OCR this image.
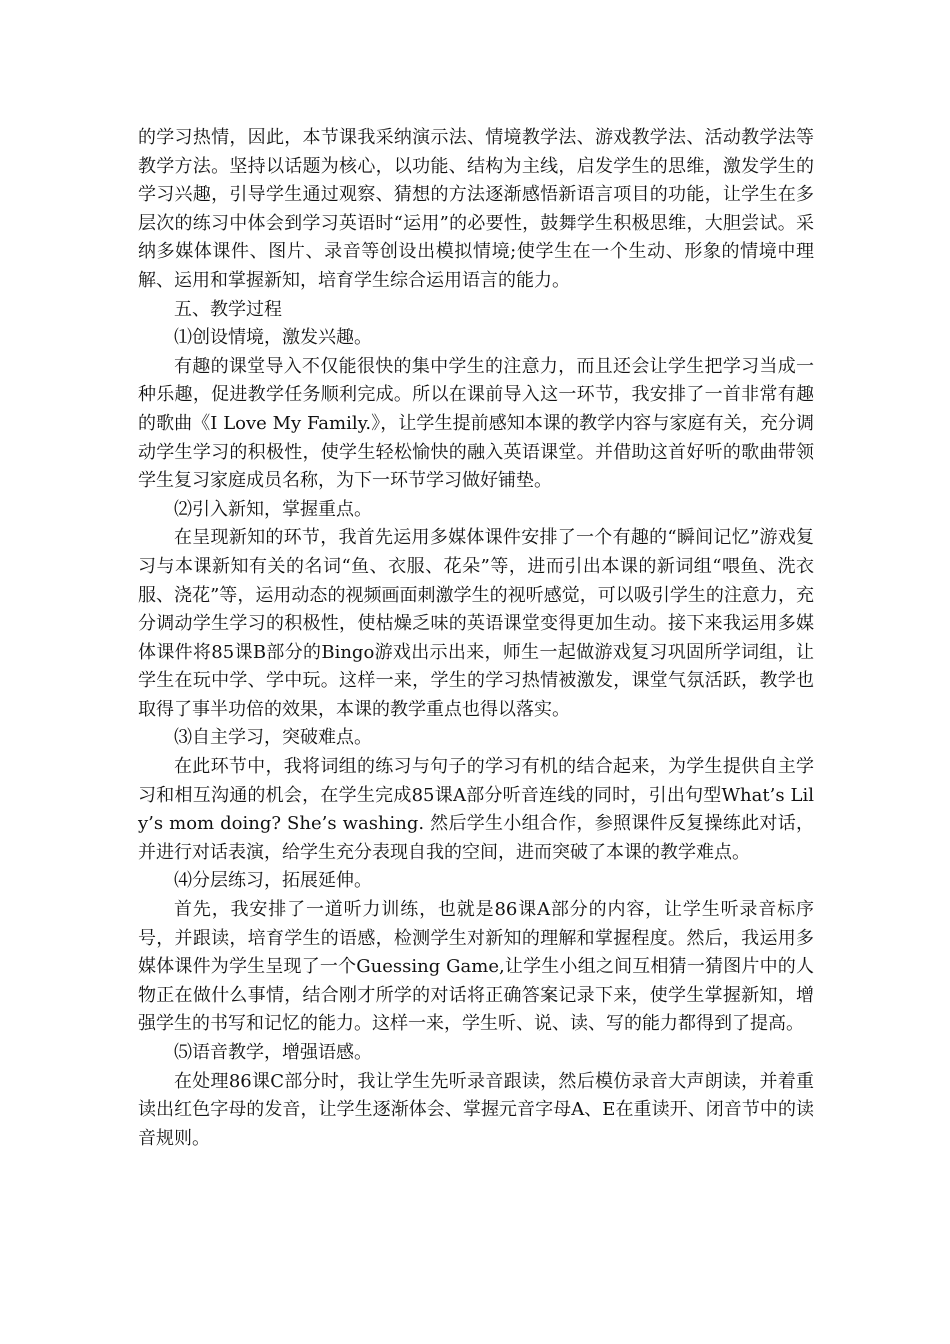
的学习热情，因此，本节课我采纳演示法、情境教学法、游戏教学法、活动教学法等教学方法。坚持以话题为核心，以功能、结构为主线，启发学生的思维，激发学生的学习兴趣，引导学生通过观察、猜想的方法逐渐感悟新语言项目的功能，让学生在多层次的练习中体会到学习英语时“运用”的必要性，鼓舞学生积极思维，大胆尝试。采纳多媒体课件、图片、录音等创设出模拟情境;使学生在一个生动、形象的情境中理解、运用和掌握新知，培育学生综合运用语言的能力。

五、教学过程

⑴创设情境，激发兴趣。

有趣的课堂导入不仅能很快的集中学生的注意力，而且还会让学生把学习当成一种乐趣，促进教学任务顺利完成。所以在课前导入这一环节，我安排了一首非常有趣的歌曲《I Love My Family.》，让学生提前感知本课的教学内容与家庭有关，充分调动学生学习的积极性，使学生轻松愉快的融入英语课堂。并借助这首好听的歌曲带领学生复习家庭成员名称，为下一环节学习做好铺垫。

⑵引入新知，掌握重点。

在呈现新知的环节，我首先运用多媒体课件安排了一个有趣的“瞬间记忆”游戏复习与本课新知有关的名词“鱼、衣服、花朵”等，进而引出本课的新词组“喂鱼、洗衣服、浇花”等，运用动态的视频画面刺激学生的视听感觉，可以吸引学生的注意力，充分调动学生学习的积极性，使枯燥乏味的英语课堂变得更加生动。接下来我运用多媒体课件将85课B部分的Bingo游戏出示出来，师生一起做游戏复习巩固所学词组，让学生在玩中学、学中玩。这样一来，学生的学习热情被激发，课堂气氛活跃，教学也取得了事半功倍的效果，本课的教学重点也得以落实。

⑶自主学习，突破难点。

在此环节中，我将词组的练习与句子的学习有机的结合起来，为学生提供自主学习和相互沟通的机会，在学生完成85课A部分听音连线的同时，引出句型What’s Lily’s mom doing? She’s washing. 然后学生小组合作，参照课件反复操练此对话，并进行对话表演，给学生充分表现自我的空间，进而突破了本课的教学难点。

⑷分层练习，拓展延伸。

首先，我安排了一道听力训练，也就是86课A部分的内容，让学生听录音标序号，并跟读，培育学生的语感，检测学生对新知的理解和掌握程度。然后，我运用多媒体课件为学生呈现了一个Guessing Game,让学生小组之间互相猜一猜图片中的人物正在做什么事情，结合刚才所学的对话将正确答案记录下来，使学生掌握新知，增强学生的书写和记忆的能力。这样一来，学生听、说、读、写的能力都得到了提高。

⑸语音教学，增强语感。

在处理86课C部分时，我让学生先听录音跟读，然后模仿录音大声朗读，并着重读出红色字母的发音，让学生逐渐体会、掌握元音字母A、E在重读开、闭音节中的读音规则。
